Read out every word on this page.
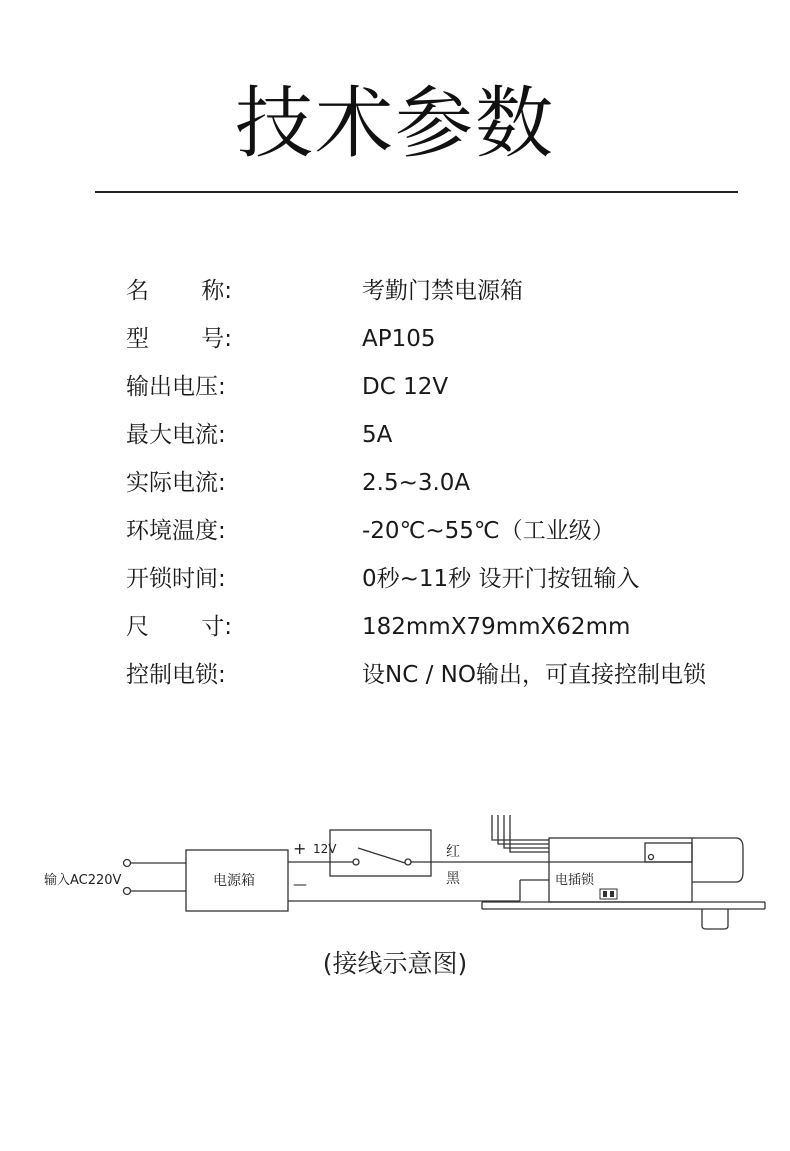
技术参数
名 称:	考勤门禁电源箱
型 号:	AP105
输出电压:	DC 12V
最大电流:	5A
实际电流:	2.5~3.0A
环境温度:	-20℃~55℃（工业级）
开锁时间:	0秒~11秒 设开门按钮输入
尺 寸:	182mmX79mmX62mm
控制电锁:	设NC / NO输出，可直接控制电锁
输入AC220V	电源箱
+ 12V
—
红
黑	电插锁
(接线示意图)
